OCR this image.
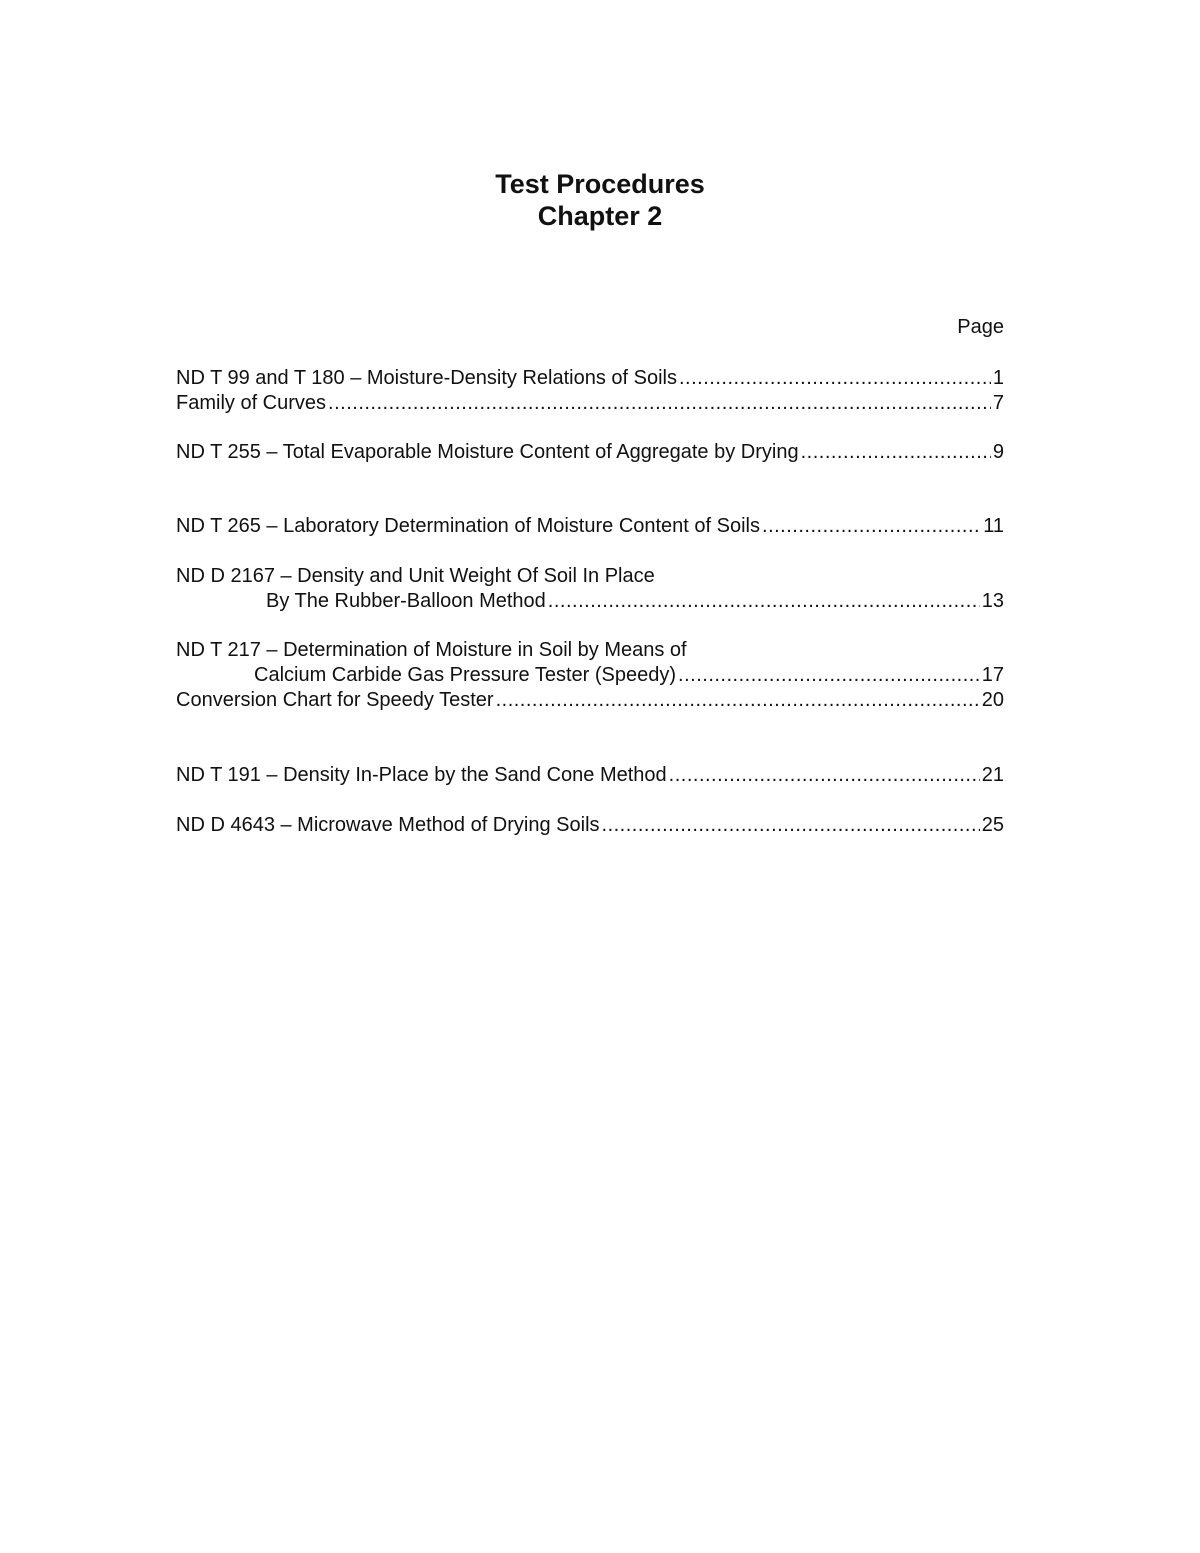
Test Procedures
Chapter 2
Page
ND T 99 and T 180 – Moisture-Density Relations of Soils .....	1
Family of Curves .....	7
ND T 255 – Total Evaporable Moisture Content of Aggregate by Drying .....	9
ND T 265 – Laboratory Determination of Moisture Content of Soils .....	11
ND D 2167 – Density and Unit Weight Of Soil In Place
By The Rubber-Balloon Method .....	13
ND T 217 – Determination of Moisture in Soil by Means of
Calcium Carbide Gas Pressure Tester (Speedy) .....	17
Conversion Chart for Speedy Tester .....	20
ND T 191 – Density In-Place by the Sand Cone Method .....	21
ND D 4643 – Microwave Method of Drying Soils .....	25
